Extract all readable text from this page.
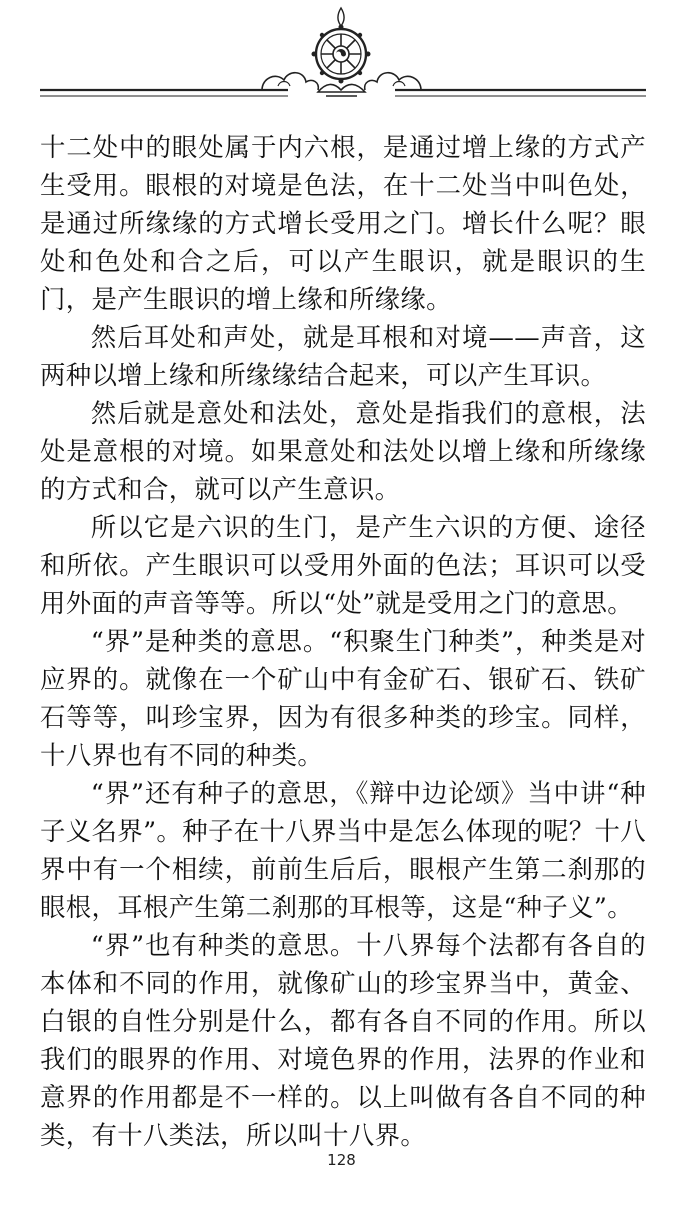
十二处中的眼处属于内六根，是通过增上缘的方式产生受用。眼根的对境是色法，在十二处当中叫色处，是通过所缘缘的方式增长受用之门。增长什么呢？眼处和色处和合之后，可以产生眼识，就是眼识的生门，是产生眼识的增上缘和所缘缘。

然后耳处和声处，就是耳根和对境——声音，这两种以增上缘和所缘缘结合起来，可以产生耳识。

然后就是意处和法处，意处是指我们的意根，法处是意根的对境。如果意处和法处以增上缘和所缘缘的方式和合，就可以产生意识。

所以它是六识的生门，是产生六识的方便、途径和所依。产生眼识可以受用外面的色法；耳识可以受用外面的声音等等。所以“处”就是受用之门的意思。

“界”是种类的意思。“积聚生门种类”，种类是对应界的。就像在一个矿山中有金矿石、银矿石、铁矿石等等，叫珍宝界，因为有很多种类的珍宝。同样，十八界也有不同的种类。

“界”还有种子的意思，《辩中边论颂》当中讲“种子义名界”。种子在十八界当中是怎么体现的呢？十八界中有一个相续，前前生后后，眼根产生第二刹那的眼根，耳根产生第二刹那的耳根等，这是“种子义”。

“界”也有种类的意思。十八界每个法都有各自的本体和不同的作用，就像矿山的珍宝界当中，黄金、白银的自性分别是什么，都有各自不同的作用。所以我们的眼界的作用、对境色界的作用，法界的作业和意界的作用都是不一样的。以上叫做有各自不同的种类，有十八类法，所以叫十八界。

128
